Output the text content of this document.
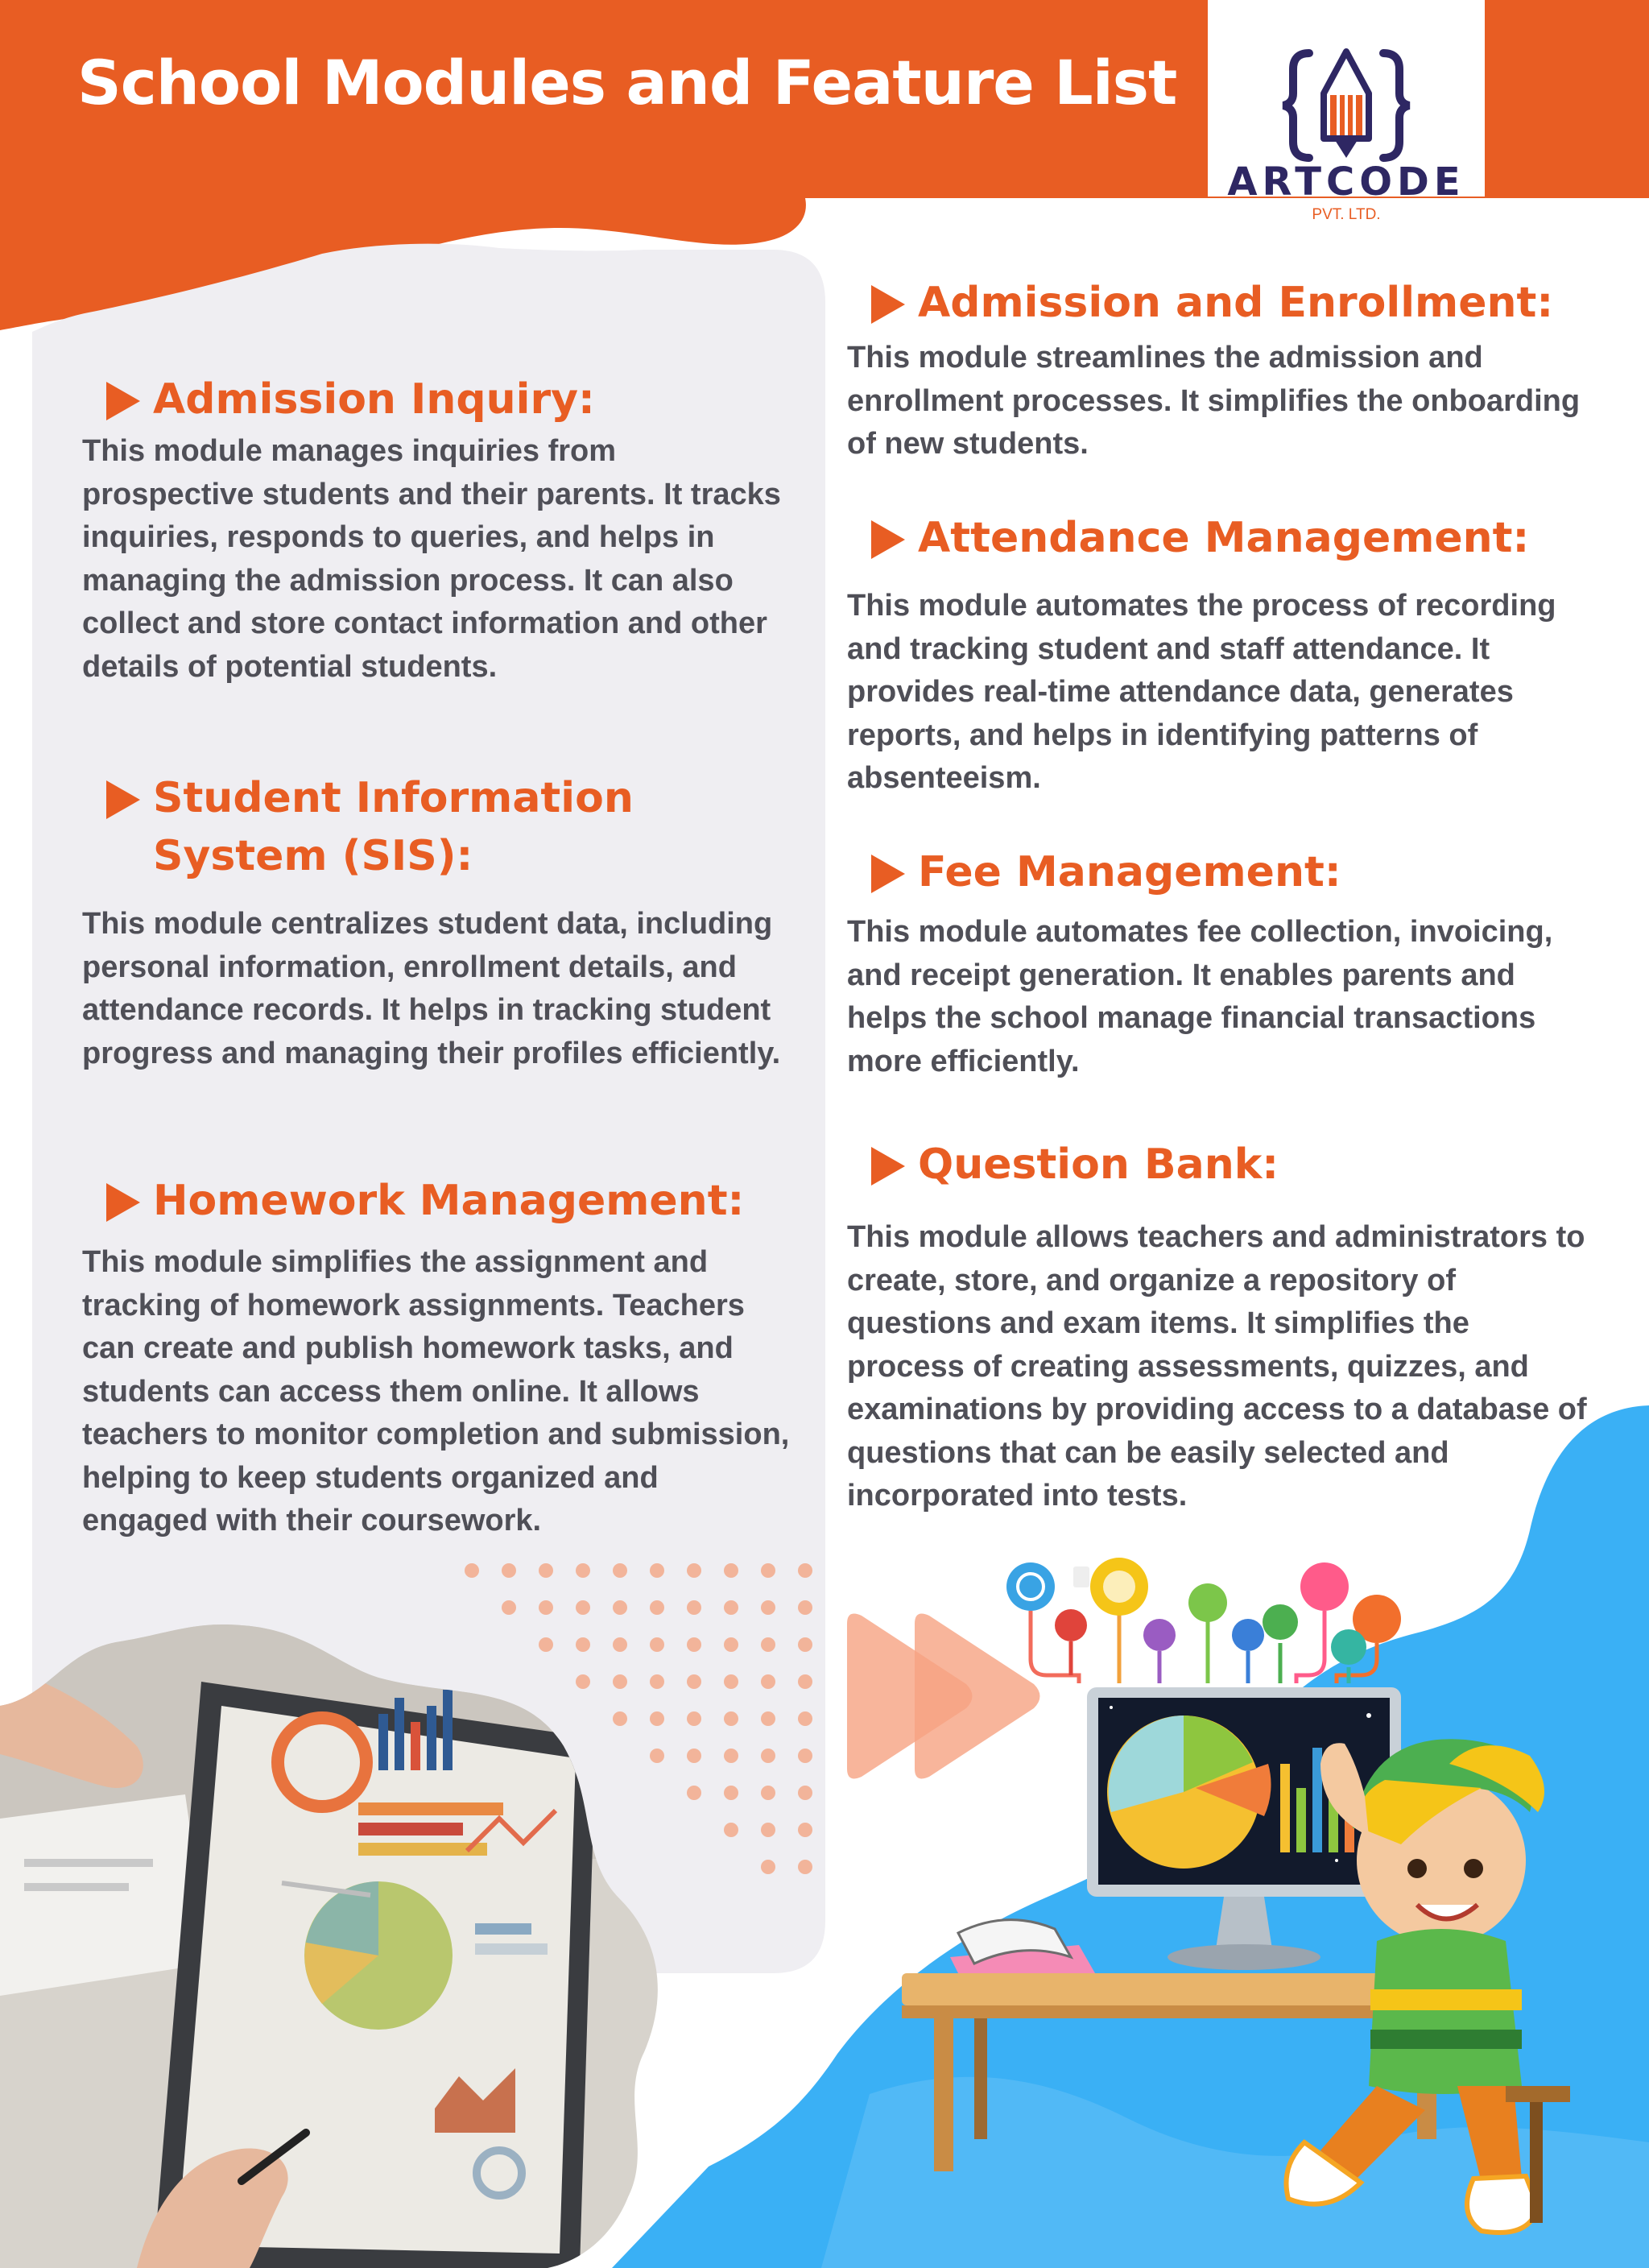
School Modules and Feature List
ARTCODE
PVT. LTD.
Admission Inquiry:

This module manages inquiries from prospective students and their parents. It tracks inquiries, responds to queries, and helps in managing the admission process. It can also collect and store contact information and other details of potential students.

Student Information System (SIS):

This module centralizes student data, including personal information, enrollment details, and attendance records. It helps in tracking student progress and managing their profiles efficiently.

Homework Management:

This module simplifies the assignment and tracking of homework assignments. Teachers can create and publish homework tasks, and students can access them online. It allows teachers to monitor completion and submission, helping to keep students organized and engaged with their coursework.

Admission and Enrollment:

This module streamlines the admission and enrollment processes. It simplifies the onboarding of new students.

Attendance Management:

This module automates the process of recording and tracking student and staff attendance. It provides real-time attendance data, generates reports, and helps in identifying patterns of absenteeism.

Fee Management:

This module automates fee collection, invoicing, and receipt generation. It enables parents and helps the school manage financial transactions more efficiently.

Question Bank:

This module allows teachers and administrators to create, store, and organize a repository of questions and exam items. It simplifies the process of creating assessments, quizzes, and examinations by providing access to a database of questions that can be easily selected and incorporated into tests.
